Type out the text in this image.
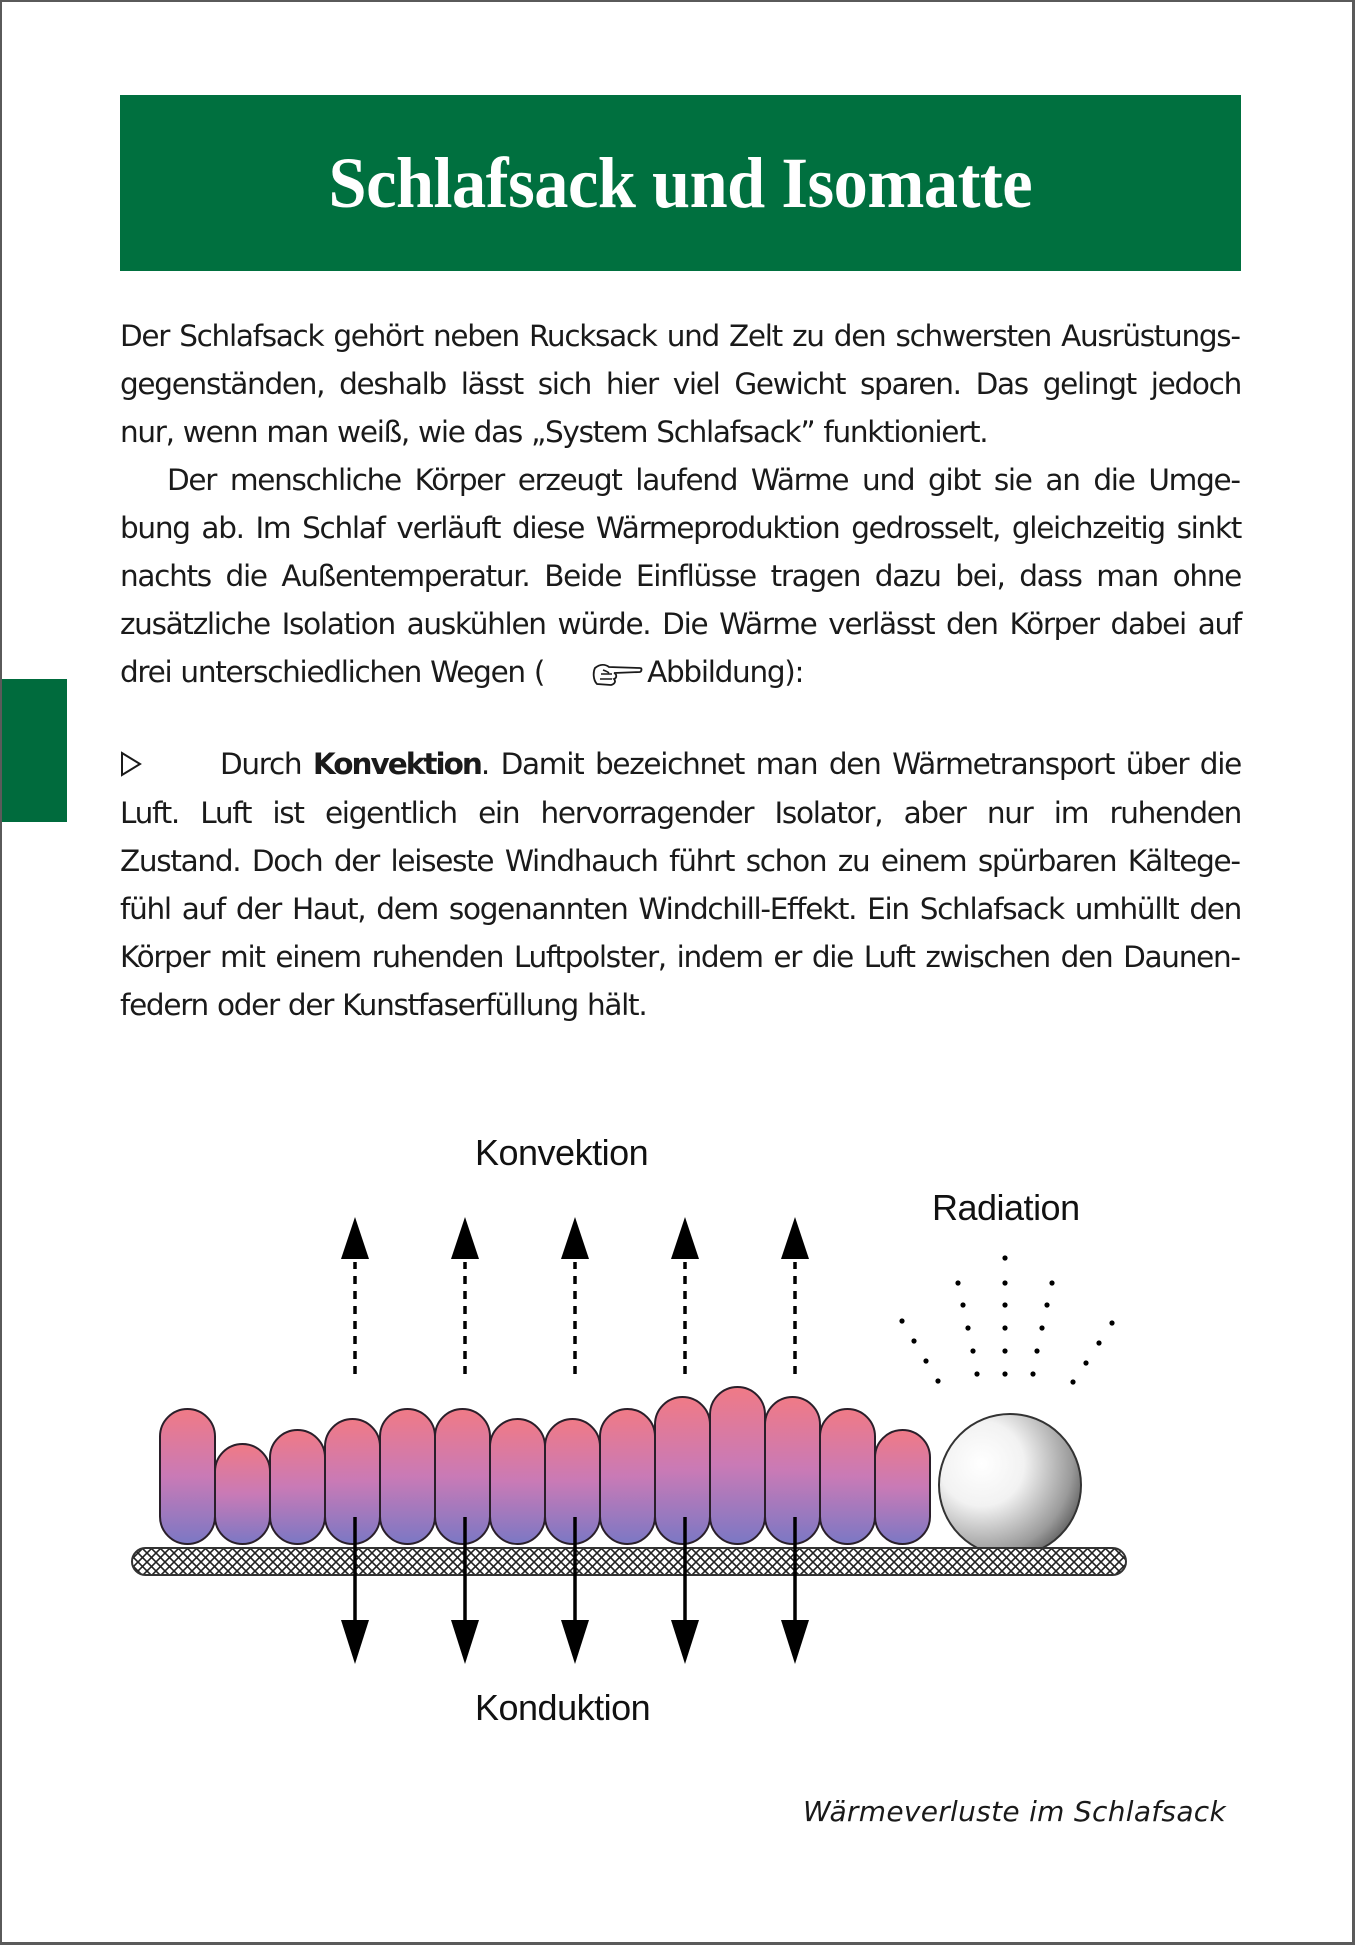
Schlafsack und Isomatte

Der Schlafsack gehört neben Rucksack und Zelt zu den schwersten Ausrüstungsgegenständen, deshalb lässt sich hier viel Gewicht sparen. Das gelingt jedoch nur, wenn man weiß, wie das „System Schlafsack” funktioniert.

Der menschliche Körper erzeugt laufend Wärme und gibt sie an die Umgebung ab. Im Schlaf verläuft diese Wärmeproduktion gedrosselt, gleichzeitig sinkt nachts die Außentemperatur. Beide Einflüsse tragen dazu bei, dass man ohne zusätzliche Isolation auskühlen würde. Die Wärme verlässt den Körper dabei auf drei unterschiedlichen Wegen (	Abbildung):

Durch Konvektion. Damit bezeichnet man den Wärmetransport über die Luft. Luft ist eigentlich ein hervorragender Isolator, aber nur im ruhenden Zustand. Doch der leiseste Windhauch führt schon zu einem spürbaren Kältegefühl auf der Haut, dem sogenannten Windchill-Effekt. Ein Schlafsack umhüllt den Körper mit einem ruhenden Luftpolster, indem er die Luft zwischen den Daunenfedern oder der Kunstfaserfüllung hält.

Konvektion
Radiation
Konduktion
Wärmeverluste im Schlafsack
